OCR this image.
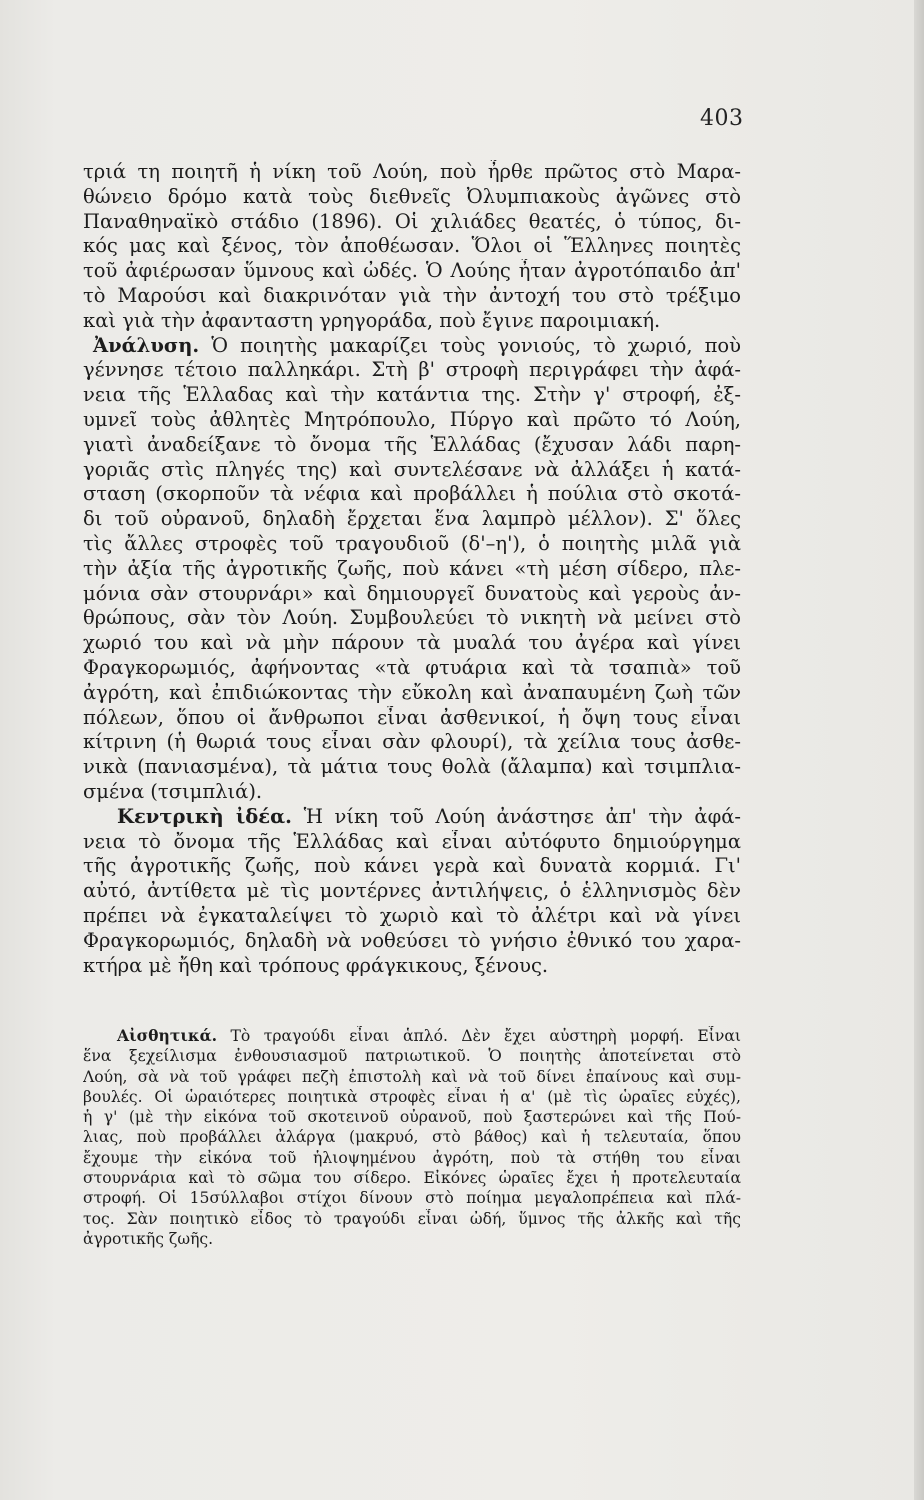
403
τριά τη ποιητῆ ἡ νίκη τοῦ Λούη, ποὺ ἦρθε πρῶτος στὸ Μαρα-
θώνειο δρόμο κατὰ τοὺς διεθνεῖς Ὀλυμπιακοὺς ἀγῶνες στὸ
Παναθηναϊκὸ στάδιο (1896). Οἱ χιλιάδες θεατές, ὁ τύπος, δι-
κός μας καὶ ξένος, τὸν ἀποθέωσαν. Ὅλοι οἱ Ἕλληνες ποιητὲς
τοῦ ἀφιέρωσαν ὕμνους καὶ ὠδές. Ὁ Λούης ἦταν ἀγροτόπαιδο ἀπ'
τὸ Μαρούσι καὶ διακρινόταν γιὰ τὴν ἀντοχή του στὸ τρέξιμο
καὶ γιὰ τὴν ἀφανταστη γρηγοράδα, ποὺ ἔγινε παροιμιακή.
Ἀνάλυση. Ὁ ποιητὴς μακαρίζει τοὺς γονιούς, τὸ χωριό, ποὺ
γέννησε τέτοιο παλληκάρι. Στὴ β' στροφὴ περιγράφει τὴν ἀφά-
νεια τῆς Ἑλλαδας καὶ τὴν κατάντια της. Στὴν γ' στροφή, ἐξ-
υμνεῖ τοὺς ἀθλητὲς Μητρόπουλο, Πύργο καὶ πρῶτο τό Λούη,
γιατὶ ἀναδείξανε τὸ ὄνομα τῆς Ἑλλάδας (ἔχυσαν λάδι παρη-
γοριᾶς στὶς πληγές της) καὶ συντελέσανε νὰ ἀλλάξει ἡ κατά-
σταση (σκορποῦν τὰ νέφια καὶ προβάλλει ἡ πούλια στὸ σκοτά-
δι τοῦ οὐρανοῦ, δηλαδὴ ἔρχεται ἕνα λαμπρὸ μέλλον). Σ' ὅλες
τὶς ἄλλες στροφὲς τοῦ τραγουδιοῦ (δ'–η'), ὁ ποιητὴς μιλᾶ γιὰ
τὴν ἀξία τῆς ἀγροτικῆς ζωῆς, ποὺ κάνει «τὴ μέση σίδερο, πλε-
μόνια σὰν στουρνάρι» καὶ δημιουργεῖ δυνατοὺς καὶ γεροὺς ἀν-
θρώπους, σὰν τὸν Λούη. Συμβουλεύει τὸ νικητὴ νὰ μείνει στὸ
χωριό του καὶ νὰ μὴν πάρουν τὰ μυαλά του ἀγέρα καὶ γίνει
Φραγκορωμιός, ἀφήνοντας «τὰ φτυάρια καὶ τὰ τσαπιὰ» τοῦ
ἀγρότη, καὶ ἐπιδιώκοντας τὴν εὔκολη καὶ ἀναπαυμένη ζωὴ τῶν
πόλεων, ὅπου οἱ ἄνθρωποι εἶναι ἀσθενικοί, ἡ ὄψη τους εἶναι
κίτρινη (ἡ θωριά τους εἶναι σὰν φλουρί), τὰ χείλια τους ἀσθε-
νικὰ (πανιασμένα), τὰ μάτια τους θολὰ (ἄλαμπα) καὶ τσιμπλια-
σμένα (τσιμπλιά).
Κεντρικὴ ἰδέα. Ἡ νίκη τοῦ Λούη ἀνάστησε ἀπ' τὴν ἀφά-
νεια τὸ ὄνομα τῆς Ἑλλάδας καὶ εἶναι αὐτόφυτο δημιούργημα
τῆς ἀγροτικῆς ζωῆς, ποὺ κάνει γερὰ καὶ δυνατὰ κορμιά. Γι'
αὐτό, ἀντίθετα μὲ τὶς μοντέρνες ἀντιλήψεις, ὁ ἑλληνισμὸς δὲν
πρέπει νὰ ἐγκαταλείψει τὸ χωριὸ καὶ τὸ ἀλέτρι καὶ νὰ γίνει
Φραγκορωμιός, δηλαδὴ νὰ νοθεύσει τὸ γνήσιο ἐθνικό του χαρα-
κτήρα μὲ ἤθη καὶ τρόπους φράγκικους, ξένους.
Αἰσθητικά. Τὸ τραγούδι εἶναι ἁπλό. Δὲν ἔχει αὐστηρὴ μορφή. Εἶναι
ἕνα ξεχείλισμα ἐνθουσιασμοῦ πατριωτικοῦ. Ὁ ποιητὴς ἀποτείνεται στὸ
Λούη, σὰ νὰ τοῦ γράφει πεζὴ ἐπιστολὴ καὶ νὰ τοῦ δίνει ἐπαίνους καὶ συμ-
βουλές. Οἱ ὡραιότερες ποιητικὰ στροφὲς εἶναι ἡ α' (μὲ τὶς ὡραῖες εὐχές),
ἡ γ' (μὲ τὴν εἰκόνα τοῦ σκοτεινοῦ οὐρανοῦ, ποὺ ξαστερώνει καὶ τῆς Πού-
λιας, ποὺ προβάλλει ἀλάργα (μακρυό, στὸ βάθος) καὶ ἡ τελευταία, ὅπου
ἔχουμε τὴν εἰκόνα τοῦ ἡλιοψημένου ἀγρότη, ποὺ τὰ στήθη του εἶναι
στουρνάρια καὶ τὸ σῶμα του σίδερο. Εἰκόνες ὡραῖες ἔχει ἡ προτελευταία
στροφή. Οἱ 15σύλλαβοι στίχοι δίνουν στὸ ποίημα μεγαλοπρέπεια καὶ πλά-
τος. Σὰν ποιητικὸ εἶδος τὸ τραγούδι εἶναι ὠδή, ὕμνος τῆς ἀλκῆς καὶ τῆς
ἀγροτικῆς ζωῆς.
